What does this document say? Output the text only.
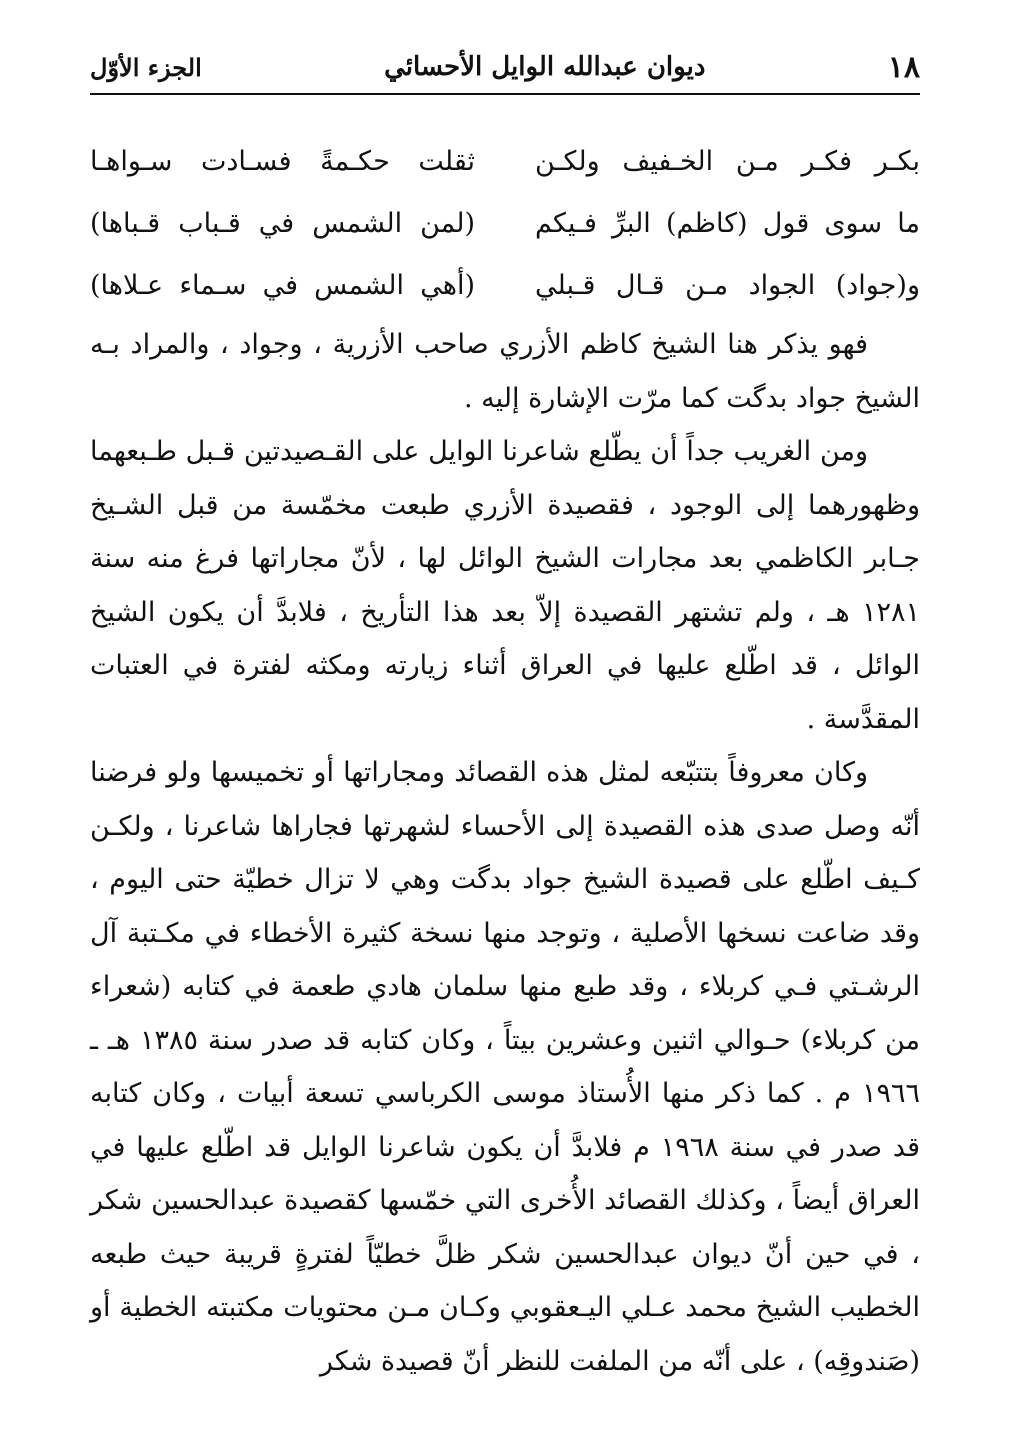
١٨
ديوان عبدالله الوايل الأحسائي
الجزء الأوّل
بكـر فكـر مـن الخـفيف ولكـن
ثقلت حكـمةً فسـادت سـواهـا
ما سوى قول (كاظم) البرِّ فـيكم
(لمن الشمس في قـباب قـباها)
و(جواد) الجواد مـن قـال قـبلي
(أهي الشمس في سـماء عـلاها)

فهو يذكر هنا الشيخ كاظم الأزري صاحب الأزرية ، وجواد ، والمراد بـه الشيخ جواد بدگت كما مرّت الإشارة إليه .

ومن الغريب جداً أن يطّلع شاعرنا الوايل على القـصيدتين قـبل طـبعهما وظهورهما إلى الوجود ، فقصيدة الأزري طبعت مخمّسة من قبل الشـيخ جـابر الكاظمي بعد مجارات الشيخ الوائل لها ، لأنّ مجاراتها فرغ منه سنة ١٢٨١ هـ ، ولم تشتهر القصيدة إلاّ بعد هذا التأريخ ، فلابدَّ أن يكون الشيخ الوائل ، قد اطّلع عليها في العراق أثناء زيارته ومكثه لفترة في العتبات المقدَّسة .

وكان معروفاً بتتبّعه لمثل هذه القصائد ومجاراتها أو تخميسها ولو فرضنا أنّه وصل صدى هذه القصيدة إلى الأحساء لشهرتها فجاراها شاعرنا ، ولكـن كـيف اطّلع على قصيدة الشيخ جواد بدگت وهي لا تزال خطيّة حتى اليوم ، وقد ضاعت نسخها الأصلية ، وتوجد منها نسخة كثيرة الأخطاء في مكـتبة آل الرشـتي فـي كربلاء ، وقد طبع منها سلمان هادي طعمة في كتابه (شعراء من كربلاء) حـوالي اثنين وعشرين بيتاً ، وكان كتابه قد صدر سنة ١٣٨٥ هـ ـ ١٩٦٦ م . كما ذكر منها الأُستاذ موسى الكرباسي تسعة أبيات ، وكان كتابه قد صدر في سنة ١٩٦٨ م فلابدَّ أن يكون شاعرنا الوايل قد اطّلع عليها في العراق أيضاً ، وكذلك القصائد الأُخرى التي خمّسها كقصيدة عبدالحسين شكر ، في حين أنّ ديوان عبدالحسين شكر ظلَّ خطيّاً لفترةٍ قريبة حيث طبعه الخطيب الشيخ محمد عـلي اليـعقوبي وكـان مـن محتويات مكتبته الخطية أو (صَندوقِه) ، على أنّه من الملفت للنظر أنّ قصيدة شكر
